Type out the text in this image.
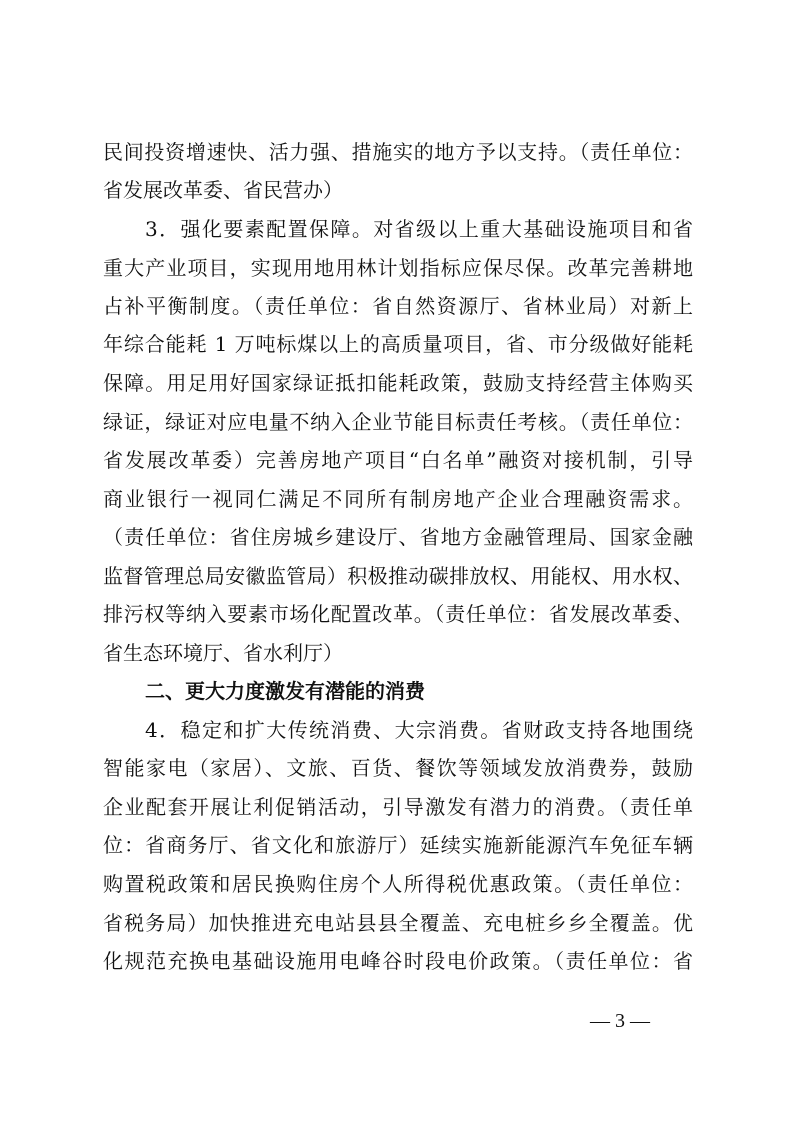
民间投资增速快、活力强、措施实的地方予以支持。（责任单位：
省发展改革委、省民营办）
3．强化要素配置保障。对省级以上重大基础设施项目和省
重大产业项目，实现用地用林计划指标应保尽保。改革完善耕地
占补平衡制度。（责任单位：省自然资源厅、省林业局）对新上
年综合能耗 1 万吨标煤以上的高质量项目，省、市分级做好能耗
保障。用足用好国家绿证抵扣能耗政策，鼓励支持经营主体购买
绿证，绿证对应电量不纳入企业节能目标责任考核。（责任单位：
省发展改革委）完善房地产项目“白名单”融资对接机制，引导
商业银行一视同仁满足不同所有制房地产企业合理融资需求。
（责任单位：省住房城乡建设厅、省地方金融管理局、国家金融
监督管理总局安徽监管局）积极推动碳排放权、用能权、用水权、
排污权等纳入要素市场化配置改革。（责任单位：省发展改革委、
省生态环境厅、省水利厅）
二、更大力度激发有潜能的消费
4．稳定和扩大传统消费、大宗消费。省财政支持各地围绕
智能家电（家居）、文旅、百货、餐饮等领域发放消费券，鼓励
企业配套开展让利促销活动，引导激发有潜力的消费。（责任单
位：省商务厅、省文化和旅游厅）延续实施新能源汽车免征车辆
购置税政策和居民换购住房个人所得税优惠政策。（责任单位：
省税务局）加快推进充电站县县全覆盖、充电桩乡乡全覆盖。优
化规范充换电基础设施用电峰谷时段电价政策。（责任单位：省
— 3 —
